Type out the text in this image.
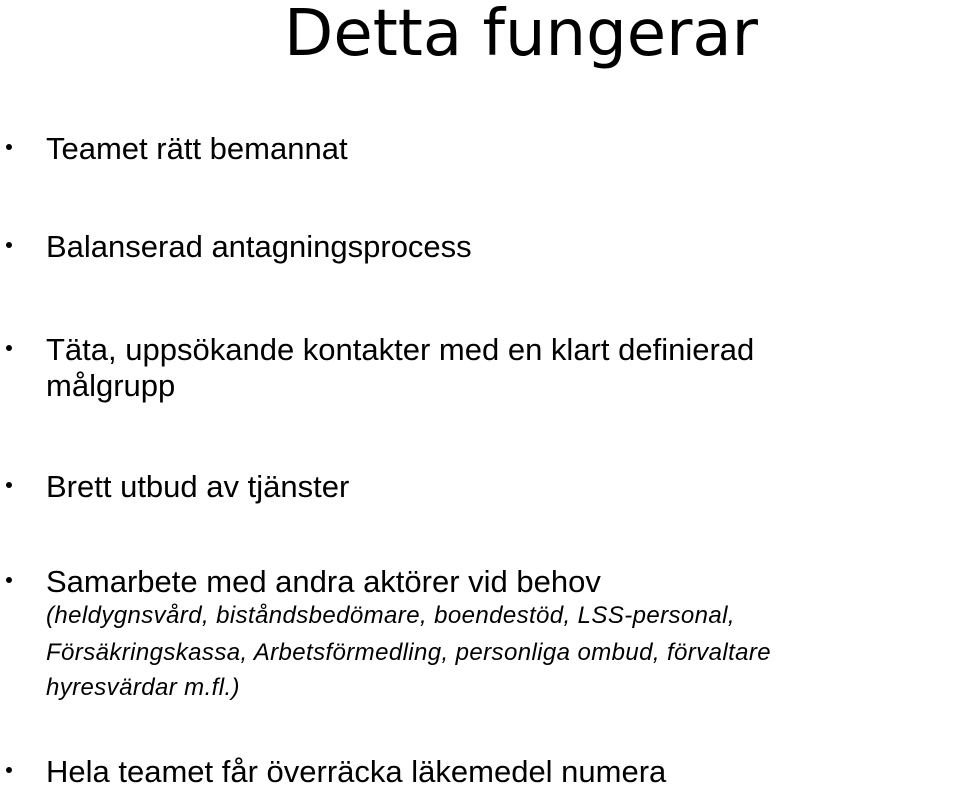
Detta fungerar
Teamet rätt bemannat
Balanserad antagningsprocess
Täta, uppsökande kontakter med en klart definierad
målgrupp
Brett utbud av tjänster
Samarbete med andra aktörer vid behov
(heldygnsvård, biståndsbedömare, boendestöd, LSS-personal,
Försäkringskassa, Arbetsförmedling, personliga ombud, förvaltare
hyresvärdar m.fl.)
Hela teamet får överräcka läkemedel numera
